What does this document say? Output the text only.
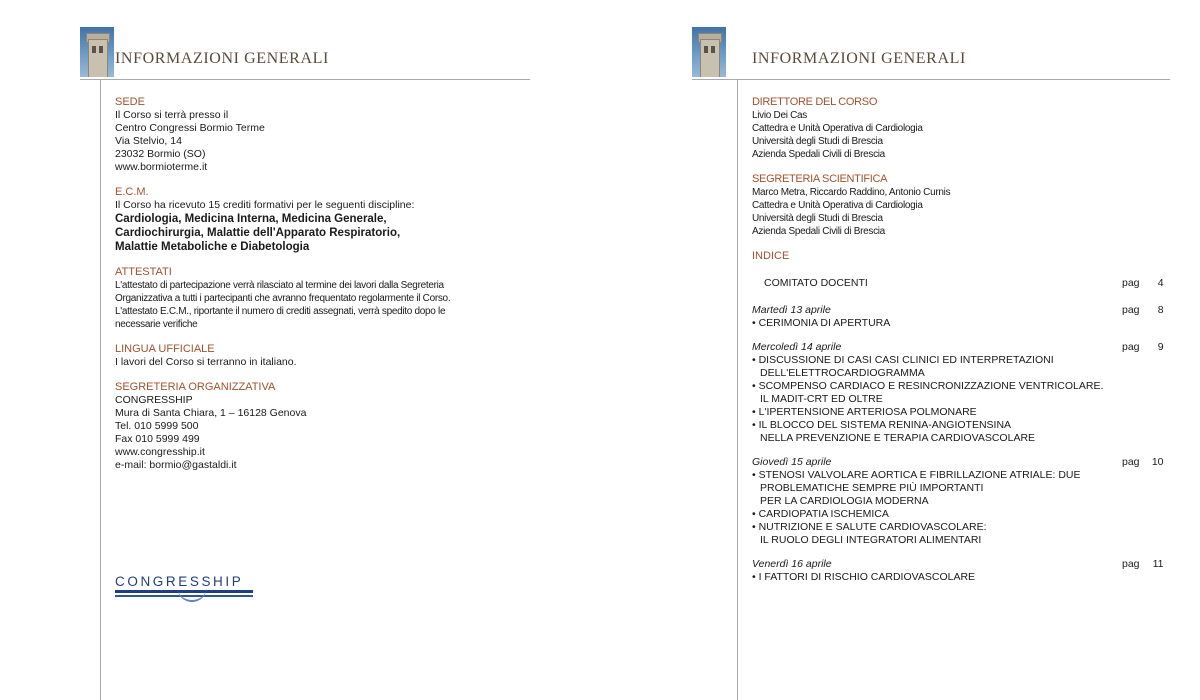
INFORMAZIONI GENERALI
SEDE
Il Corso si terrà presso il
Centro Congressi Bormio Terme
Via Stelvio, 14
23032 Bormio (SO)
www.bormioterme.it
E.C.M.
Il Corso ha ricevuto 15 crediti formativi per le seguenti discipline:
Cardiologia, Medicina Interna, Medicina Generale,
Cardiochirurgia, Malattie dell'Apparato Respiratorio,
Malattie Metaboliche e Diabetologia
ATTESTATI
L'attestato di partecipazione verrà rilasciato al termine dei lavori dalla Segreteria
Organizzativa a tutti i partecipanti che avranno frequentato regolarmente il Corso.
L'attestato E.C.M., riportante il numero di crediti assegnati, verrà spedito dopo le
necessarie verifiche
LINGUA UFFICIALE
I lavori del Corso si terranno in italiano.
SEGRETERIA ORGANIZZATIVA
CONGRESSHIP
Mura di Santa Chiara, 1 – 16128 Genova
Tel. 010 5999 500
Fax 010 5999 499
www.congresship.it
e-mail: bormio@gastaldi.it
CONGRESSHIP
INFORMAZIONI GENERALI
DIRETTORE DEL CORSO
Livio Dei Cas
Cattedra e Unità Operativa di Cardiologia
Università degli Studi di Brescia
Azienda Spedali Civili di Brescia
SEGRETERIA SCIENTIFICA
Marco Metra, Riccardo Raddino, Antonio Curnis
Cattedra e Unità Operativa di Cardiologia
Università degli Studi di Brescia
Azienda Spedali Civili di Brescia
INDICE
COMITATO DOCENTI	pag 4
Martedì 13 aprile	pag 8
• CERIMONIA DI APERTURA
Mercoledì 14 aprile	pag 9
• DISCUSSIONE DI CASI CASI CLINICI ED INTERPRETAZIONI
DELL'ELETTROCARDIOGRAMMA
• SCOMPENSO CARDIACO E RESINCRONIZZAZIONE VENTRICOLARE.
IL MADIT-CRT ED OLTRE
• L'IPERTENSIONE ARTERIOSA POLMONARE
• IL BLOCCO DEL SISTEMA RENINA-ANGIOTENSINA
NELLA PREVENZIONE E TERAPIA CARDIOVASCOLARE
Giovedì 15 aprile	pag 10
• STENOSI VALVOLARE AORTICA E FIBRILLAZIONE ATRIALE: DUE
PROBLEMATICHE SEMPRE PIÙ IMPORTANTI
PER LA CARDIOLOGIA MODERNA
• CARDIOPATIA ISCHEMICA
• NUTRIZIONE E SALUTE CARDIOVASCOLARE:
IL RUOLO DEGLI INTEGRATORI ALIMENTARI
Venerdì 16 aprile	pag 11
• I FATTORI DI RISCHIO CARDIOVASCOLARE
